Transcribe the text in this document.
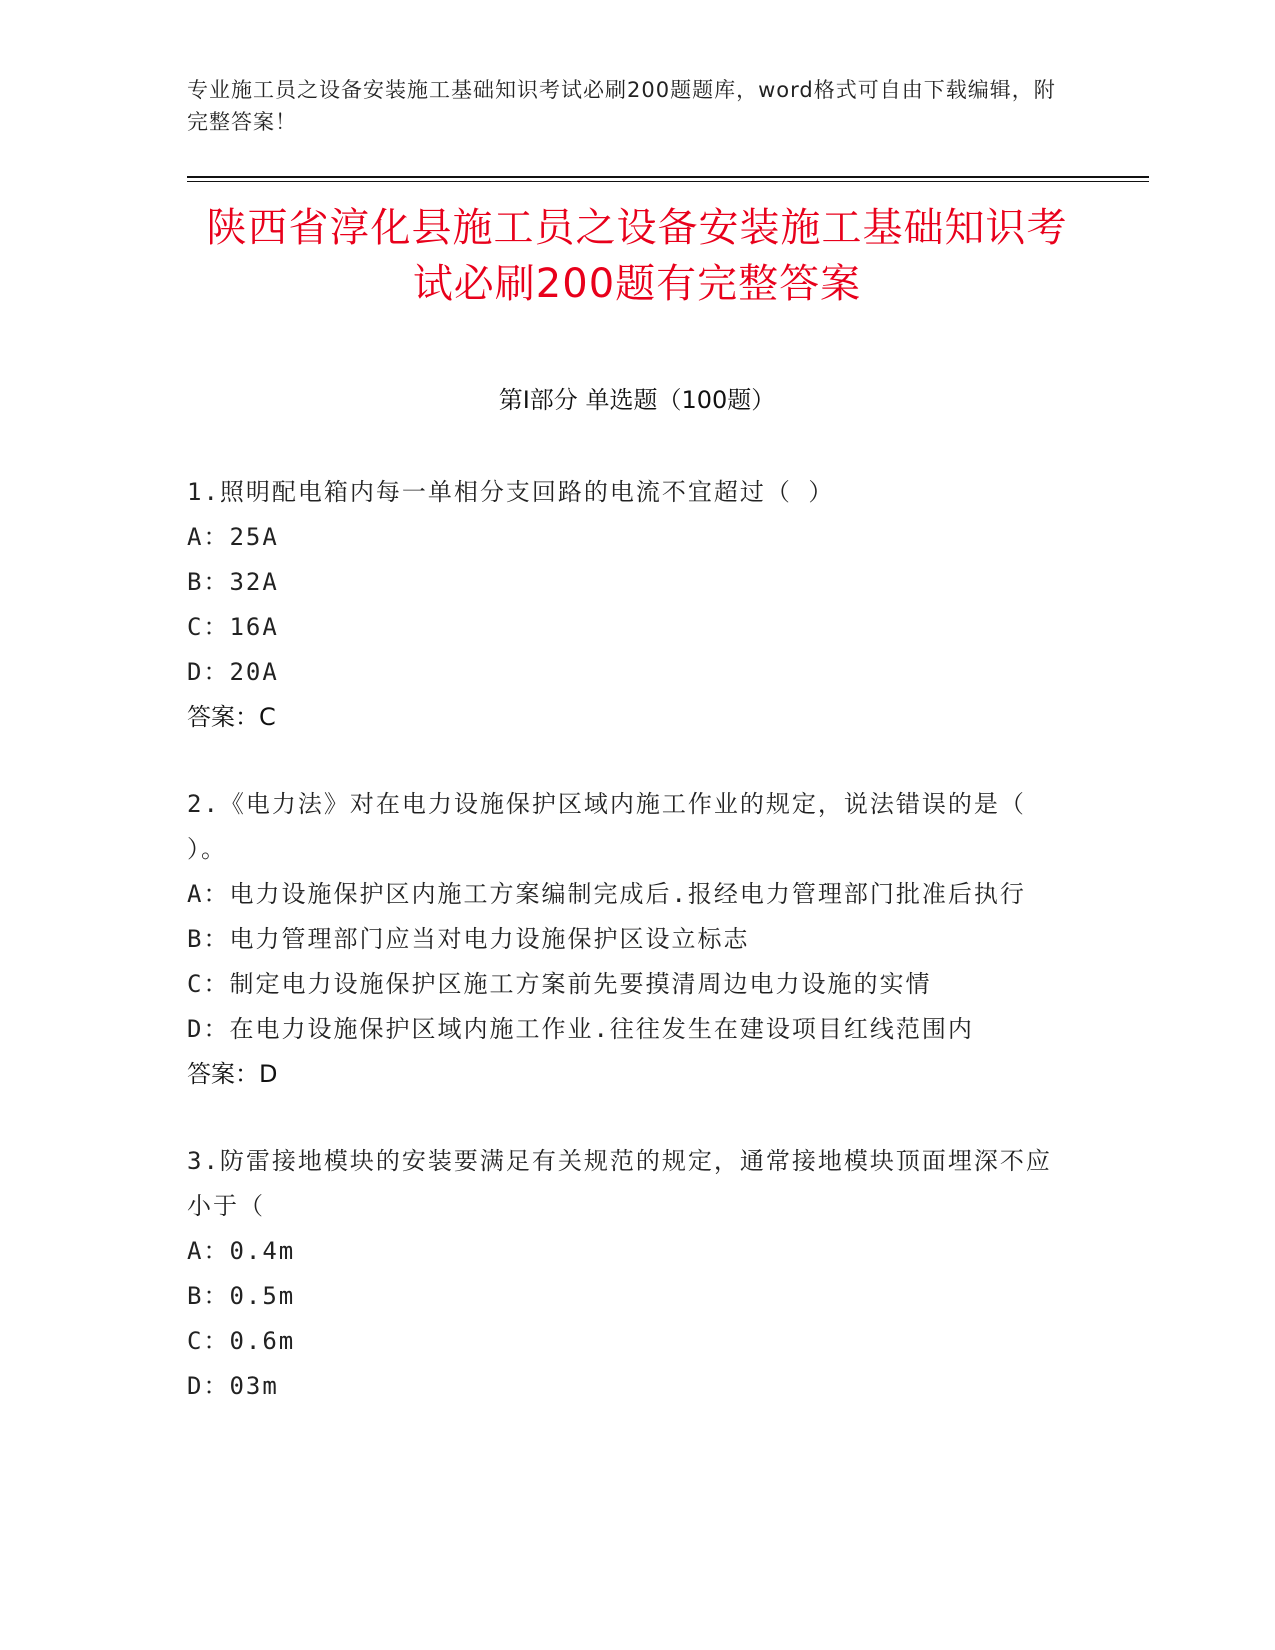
专业施工员之设备安装施工基础知识考试必刷200题题库，word格式可自由下载编辑，附完整答案！
陕西省淳化县施工员之设备安装施工基础知识考试必刷200题有完整答案
第I部分 单选题（100题）

1.照明配电箱内每一单相分支回路的电流不宜超过（ ）

A：25A

B：32A

C：16A

D：20A

答案：C

2.《电力法》对在电力设施保护区域内施工作业的规定，说法错误的是（ ）。

A：电力设施保护区内施工方案编制完成后.报经电力管理部门批准后执行

B：电力管理部门应当对电力设施保护区设立标志

C：制定电力设施保护区施工方案前先要摸清周边电力设施的实情

D：在电力设施保护区域内施工作业.往往发生在建设项目红线范围内

答案：D

3.防雷接地模块的安装要满足有关规范的规定，通常接地模块顶面埋深不应小于（

A：0.4m

B：0.5m

C：0.6m

D：03m
